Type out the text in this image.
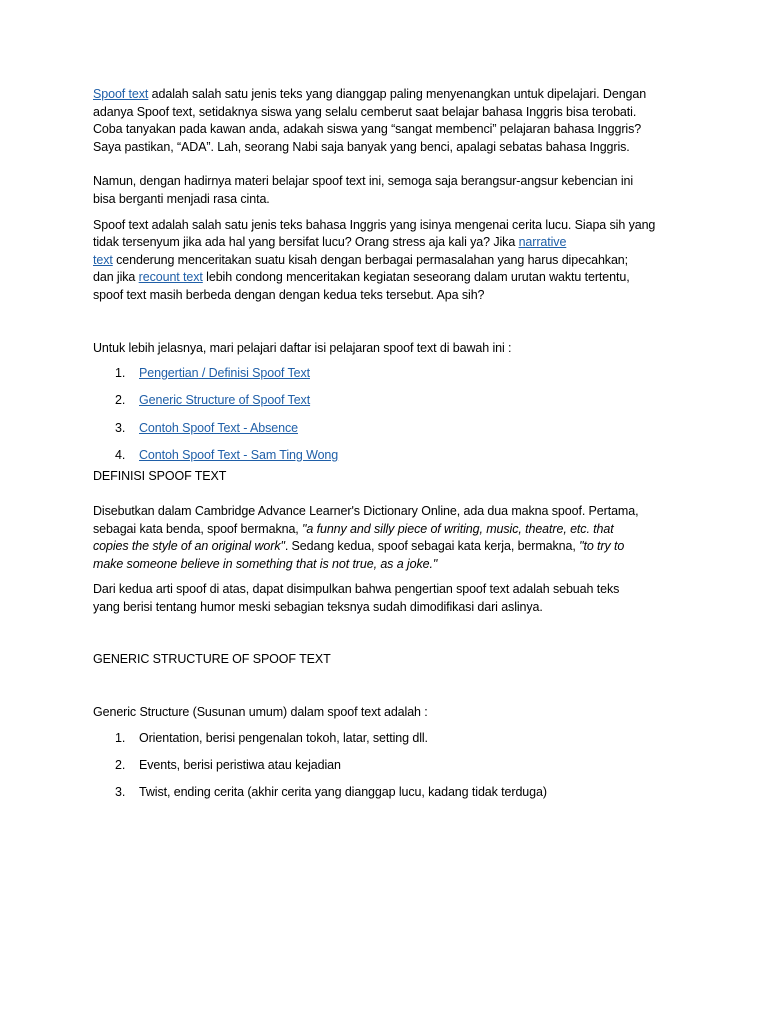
Spoof text adalah salah satu jenis teks yang dianggap paling menyenangkan untuk dipelajari. Dengan
adanya Spoof text, setidaknya siswa yang selalu cemberut saat belajar bahasa Inggris bisa terobati.
Coba tanyakan pada kawan anda, adakah siswa yang “sangat membenci” pelajaran bahasa Inggris?
Saya pastikan, “ADA”. Lah, seorang Nabi saja banyak yang benci, apalagi sebatas bahasa Inggris.

Namun, dengan hadirnya materi belajar spoof text ini, semoga saja berangsur-angsur kebencian ini
bisa berganti menjadi rasa cinta.

Spoof text adalah salah satu jenis teks bahasa Inggris yang isinya mengenai cerita lucu. Siapa sih yang
tidak tersenyum jika ada hal yang bersifat lucu? Orang stress aja kali ya? Jika narrative
text cenderung menceritakan suatu kisah dengan berbagai permasalahan yang harus dipecahkan;
dan jika recount text lebih condong menceritakan kegiatan seseorang dalam urutan waktu tertentu,
spoof text masih berbeda dengan dengan kedua teks tersebut. Apa sih?

Untuk lebih jelasnya, mari pelajari daftar isi pelajaran spoof text di bawah ini :

1.	Pengertian / Definisi Spoof Text
2.	Generic Structure of Spoof Text
3.	Contoh Spoof Text - Absence
4.	Contoh Spoof Text - Sam Ting Wong

DEFINISI SPOOF TEXT

Disebutkan dalam Cambridge Advance Learner's Dictionary Online, ada dua makna spoof. Pertama,
sebagai kata benda, spoof bermakna, "a funny and silly piece of writing, music, theatre, etc. that
copies the style of an original work". Sedang kedua, spoof sebagai kata kerja, bermakna, "to try to
make someone believe in something that is not true, as a joke."

Dari kedua arti spoof di atas, dapat disimpulkan bahwa pengertian spoof text adalah sebuah teks
yang berisi tentang humor meski sebagian teksnya sudah dimodifikasi dari aslinya.

GENERIC STRUCTURE OF SPOOF TEXT

Generic Structure (Susunan umum) dalam spoof text adalah :

1.	Orientation, berisi pengenalan tokoh, latar, setting dll.
2.	Events, berisi peristiwa atau kejadian
3.	Twist, ending cerita (akhir cerita yang dianggap lucu, kadang tidak terduga)
